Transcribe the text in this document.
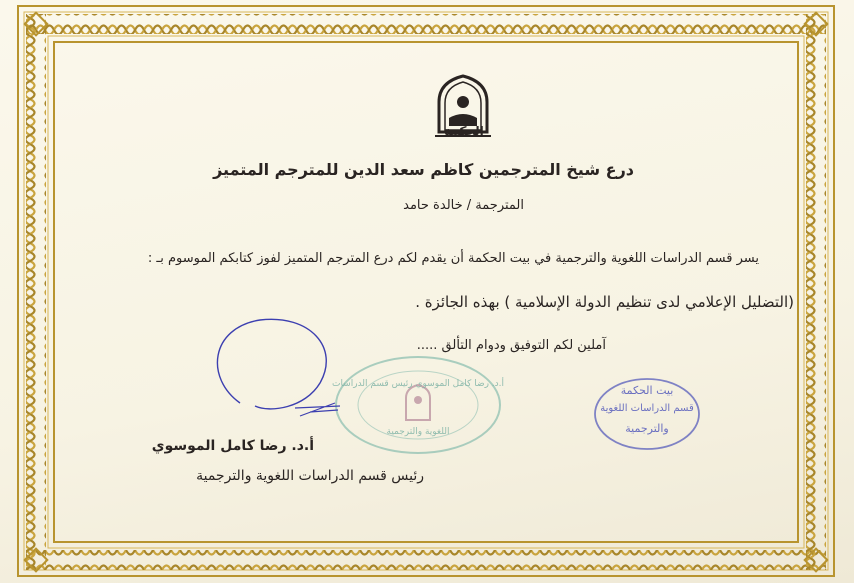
الحكمة
درع شيخ المترجمين كاظم سعد الدين للمترجم المتميز
المترجمة / خالدة حامد
يسر قسم الدراسات اللغوية والترجمية في بيت الحكمة أن يقدم لكم درع المترجم المتميز لفوز كتابكم الموسوم بـ :
(التضليل الإعلامي لدى تنظيم الدولة الإسلامية ) بهذه الجائزة .
آملين لكم التوفيق ودوام التألق .....
أ.د. رضا كامل الموسوي رئيس قسم الدراسات اللغوية والترجمية
بيت الحكمة
قسم الدراسات اللغوية
والترجمية
أ.د. رضا كامل الموسوي
رئيس قسم الدراسات اللغوية والترجمية
